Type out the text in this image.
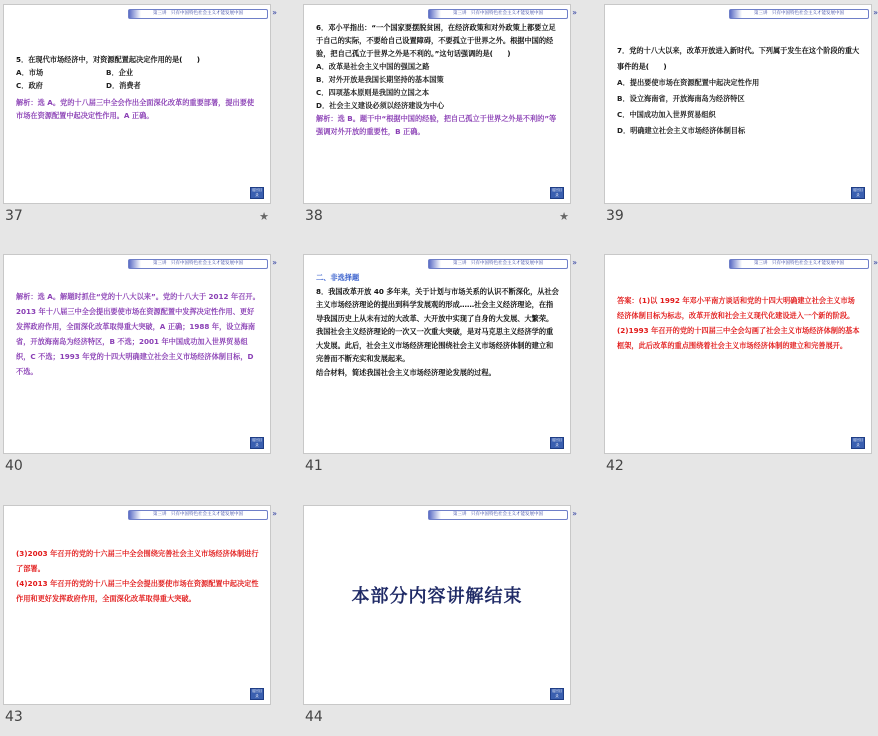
第三讲　只有中国特色社会主义才能发展中国	»

5．在现代市场经济中，对资源配置起决定作用的是(　　)

A．市场	B．企业
C．政府	D．消费者

解析：选 A。党的十八届三中全会作出全面深化改革的重要部署，提出要使市场在资源配置中起决定性作用。A 正确。

返回目录
37	★
第三讲　只有中国特色社会主义才能发展中国	»

6．邓小平指出：“一个国家要摆脱贫困，在经济政策和对外政策上都要立足于自己的实际，不要给自己设置障碍，不要孤立于世界之外。根据中国的经验，把自己孤立于世界之外是不利的。”这句话强调的是(　　)

A．改革是社会主义中国的强国之路

B．对外开放是我国长期坚持的基本国策

C．四项基本原则是我国的立国之本

D．社会主义建设必须以经济建设为中心

解析：选 B。题干中“根据中国的经验，把自己孤立于世界之外是不利的”等强调对外开放的重要性，B 正确。

返回目录
38	★
第三讲　只有中国特色社会主义才能发展中国	»

7．党的十八大以来，改革开放进入新时代。下列属于发生在这个阶段的重大事件的是(　　)

A．提出要使市场在资源配置中起决定性作用

B．设立海南省，开放海南岛为经济特区

C．中国成功加入世界贸易组织

D．明确建立社会主义市场经济体制目标

返回目录
39
第三讲　只有中国特色社会主义才能发展中国	»

解析：选 A。解题时抓住“党的十八大以来”。党的十八大于 2012 年召开。2013 年十八届三中全会提出要使市场在资源配置中发挥决定性作用、更好发挥政府作用，全面深化改革取得重大突破，A 正确；1988 年，设立海南省，开放海南岛为经济特区，B 不选；2001 年中国成功加入世界贸易组织，C 不选；1993 年党的十四大明确建立社会主义市场经济体制目标，D 不选。

返回目录
40
第三讲　只有中国特色社会主义才能发展中国	»

二、非选择题

8．我国改革开放 40 多年来，关于计划与市场关系的认识不断深化，从社会主义市场经济理论的提出到科学发展观的形成……社会主义经济理论，在指导我国历史上从未有过的大改革、大开放中实现了自身的大发展、大繁荣。我国社会主义经济理论的一次又一次重大突破，是对马克思主义经济学的重大发展。此后，社会主义市场经济理论围绕社会主义市场经济体制的建立和完善而不断充实和发展起来。

结合材料，简述我国社会主义市场经济理论发展的过程。

返回目录
41
第三讲　只有中国特色社会主义才能发展中国	»

答案：(1)以 1992 年邓小平南方谈话和党的十四大明确建立社会主义市场经济体制目标为标志，改革开放和社会主义现代化建设进入一个新的阶段。

(2)1993 年召开的党的十四届三中全会勾画了社会主义市场经济体制的基本框架，此后改革的重点围绕着社会主义市场经济体制的建立和完善展开。

返回目录
42
第三讲　只有中国特色社会主义才能发展中国	»

(3)2003 年召开的党的十六届三中全会围绕完善社会主义市场经济体制进行了部署。

(4)2013 年召开的党的十八届三中全会提出要使市场在资源配置中起决定性作用和更好发挥政府作用，全面深化改革取得重大突破。

返回目录
43
第三讲　只有中国特色社会主义才能发展中国	»
本部分内容讲解结束
返回目录
44
